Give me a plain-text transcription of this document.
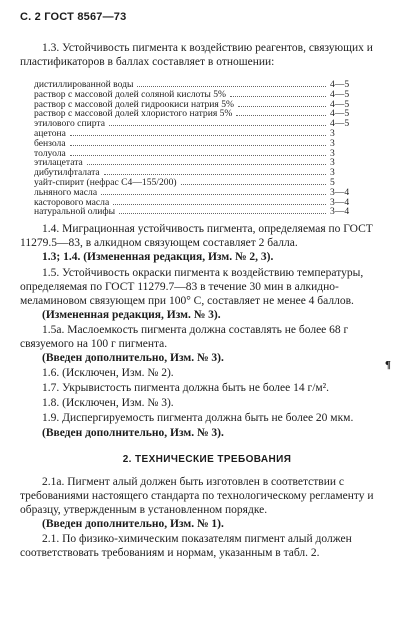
С. 2 ГОСТ 8567—73
1.3. Устойчивость пигмента к воздействию реагентов, связующих и пластификаторов в баллах составляет в отношении:
дистиллированной воды	4—5
раствор с массовой долей соляной кислоты 5%	4—5
раствор с массовой долей гидроокиси натрия 5%	4—5
раствор с массовой долей хлористого натрия 5%	4—5
этилового спирта	4—5
ацетона	3
бензола	3
толуола	3
этилацетата	3
дибутилфталата	3
уайт-спирит (нефрас С4—155/200)	5
льняного масла	3—4
касторового масла	3—4
натуральной олифы	3—4
1.4. Миграционная устойчивость пигмента, определяемая по ГОСТ 11279.5—83, в алкидном связующем составляет 2 балла.
1.3; 1.4. (Измененная редакция, Изм. № 2, 3).
1.5. Устойчивость окраски пигмента к воздействию температуры, определяемая по ГОСТ 11279.7—83 в течение 30 мин в алкидно-меламиновом связующем при 100° С, составляет не менее 4 баллов.
(Измененная редакция, Изм. № 3).
1.5а. Маслоемкость пигмента должна составлять не более 68 г связуемого на 100 г пигмента.
(Введен дополнительно, Изм. № 3).
1.6. (Исключен, Изм. № 2).
¶
1.7. Укрывистость пигмента должна быть не более 14 г/м².
1.8. (Исключен, Изм. № 3).
1.9. Диспергируемость пигмента должна быть не более 20 мкм.
(Введен дополнительно, Изм. № 3).
2. ТЕХНИЧЕСКИЕ ТРЕБОВАНИЯ
2.1а. Пигмент алый должен быть изготовлен в соответствии с требованиями настоящего стандарта по технологическому регламенту и образцу, утвержденным в установленном порядке.
(Введен дополнительно, Изм. № 1).
2.1. По физико-химическим показателям пигмент алый должен соответствовать требованиям и нормам, указанным в табл. 2.
